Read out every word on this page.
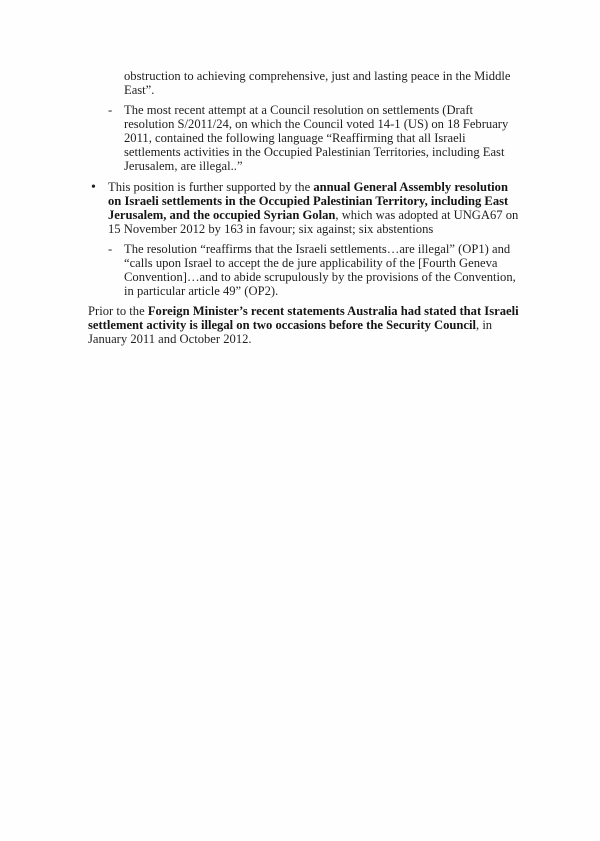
obstruction to achieving comprehensive, just and lasting peace in the Middle
East”.
- The most recent attempt at a Council resolution on settlements (Draft
resolution S/2011/24, on which the Council voted 14-1 (US) on 18 February
2011, contained the following language “Reaffirming that all Israeli
settlements activities in the Occupied Palestinian Territories, including East
Jerusalem, are illegal..”
• This position is further supported by the annual General Assembly resolution
on Israeli settlements in the Occupied Palestinian Territory, including East
Jerusalem, and the occupied Syrian Golan, which was adopted at UNGA67 on
15 November 2012 by 163 in favour; six against; six abstentions
- The resolution “reaffirms that the Israeli settlements…are illegal” (OP1) and
“calls upon Israel to accept the de jure applicability of the [Fourth Geneva
Convention]…and to abide scrupulously by the provisions of the Convention,
in particular article 49” (OP2).
Prior to the Foreign Minister’s recent statements Australia had stated that Israeli
settlement activity is illegal on two occasions before the Security Council, in
January 2011 and October 2012.
